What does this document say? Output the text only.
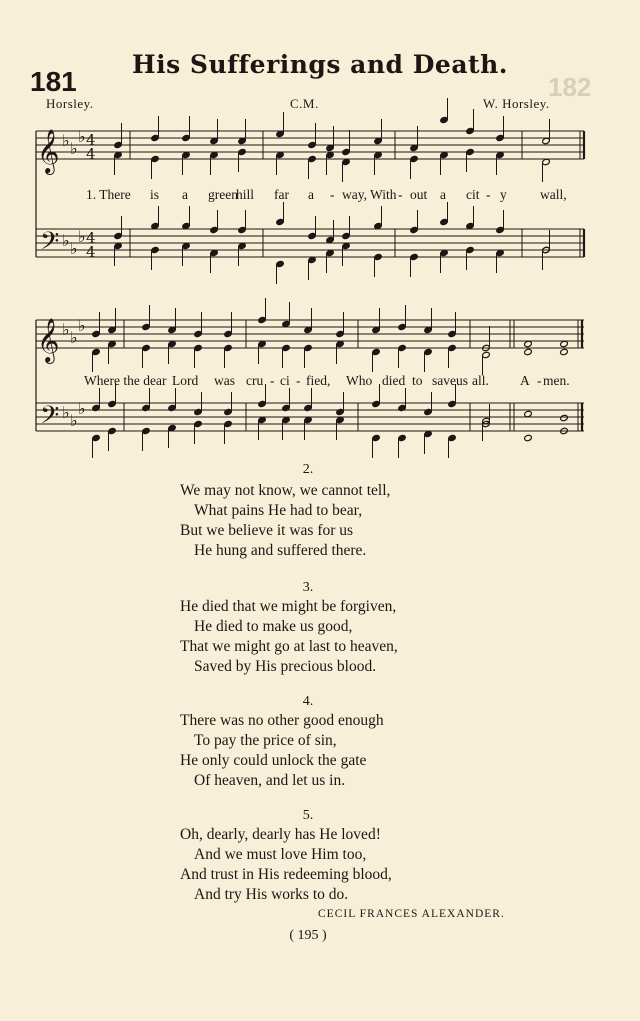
His Sufferings and Death.
181	182
Horsley.	C.M.	W. Horsley.
𝄞
𝄢
♭ ♭
♭
♭ ♭
♭
4
4
4
4
𝄞
𝄢
♭ ♭
♭
♭ ♭
♭
1. There is a green
hill far a - way, With - out a cit - y wall,
Where the dear Lord was cru - ci - fied, Who died to save us all. A - men.
2.
We may not know, we cannot tell,
What pains He had to bear,
But we believe it was for us
He hung and suffered there.
3.
He died that we might be forgiven,
He died to make us good,
That we might go at last to heaven,
Saved by His precious blood.
4.
There was no other good enough
To pay the price of sin,
He only could unlock the gate
Of heaven, and let us in.
5.
Oh, dearly, dearly has He loved!
And we must love Him too,
And trust in His redeeming blood,
And try His works to do.
CECIL FRANCES ALEXANDER.
( 195 )
